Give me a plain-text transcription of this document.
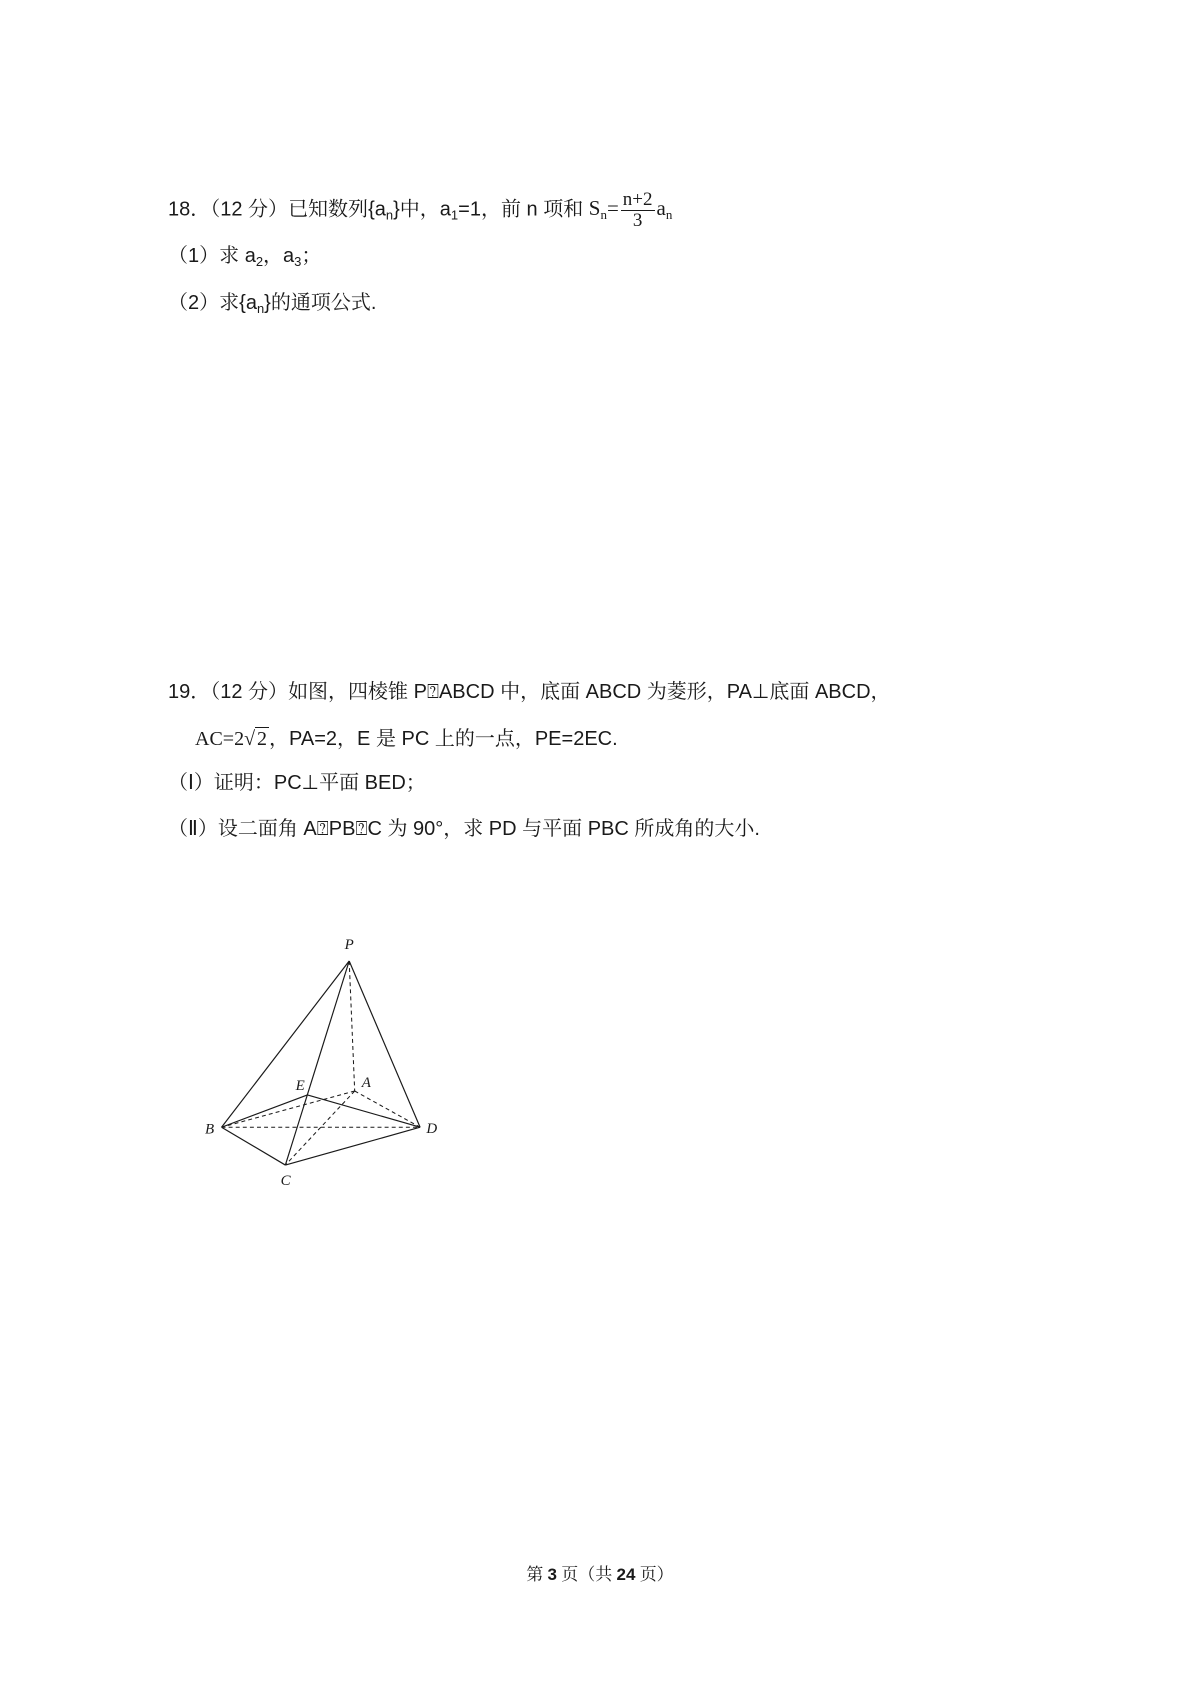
18．（12 分）已知数列$\{a_n\}$中，$a_1=1$，前 n 项和 $S_n= \frac{n+2}{3} a_n$
（1）求 $a_2$，$a_3$；
（2）求$\{a_n\}$的通项公式.
19．（12 分）如图，四棱锥 P⍰ABCD 中，底面 ABCD 为菱形，PA⊥底面 ABCD，
AC=2√ 2 ，PA=2，E 是 PC 上的一点，PE=2EC.
（Ⅰ）证明：PC⊥平面 BED；
（Ⅱ）设二面角 A⍰PB⍰C 为 90°，求 PD 与平面 PBC 所成角的大小.
P
A
E
B	D
C
第 3 页（共 24 页）
